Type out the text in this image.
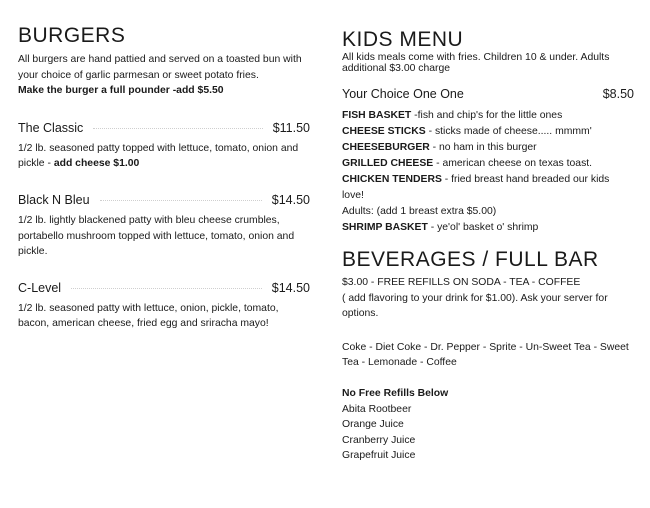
BURGERS

All burgers are hand pattied and served on a toasted bun with your choice of garlic parmesan or sweet potato fries.

Make the burger a full pounder -add $5.50

The Classic	$11.50

1/2 lb. seasoned patty topped with lettuce, tomato, onion and pickle - add cheese $1.00

Black N Bleu	$14.50

1/2 lb. lightly blackened patty with bleu cheese crumbles, portabello mushroom topped with lettuce, tomato, onion and pickle.

C-Level	$14.50

1/2 lb. seasoned patty with lettuce, onion, pickle, tomato, bacon, american cheese, fried egg and sriracha mayo!

KIDS MENU

All kids meals come with fries. Children 10 & under. Adults additional $3.00 charge

Your Choice One One	$8.50

FISH BASKET -fish and chip's for the little ones

CHEESE STICKS - sticks made of cheese..... mmmm'

CHEESEBURGER - no ham in this burger

GRILLED CHEESE - american cheese on texas toast.

CHICKEN TENDERS - fried breast hand breaded our kids love!

Adults: (add 1 breast extra $5.00)

SHRIMP BASKET - ye'ol' basket o' shrimp

BEVERAGES / FULL BAR

$3.00 - FREE REFILLS ON SODA - TEA - COFFEE

( add flavoring to your drink for $1.00). Ask your server for options.

Coke - Diet Coke - Dr. Pepper - Sprite - Un-Sweet Tea - Sweet Tea - Lemonade - Coffee

No Free Refills Below

Abita Rootbeer

Orange Juice

Cranberry Juice

Grapefruit Juice
